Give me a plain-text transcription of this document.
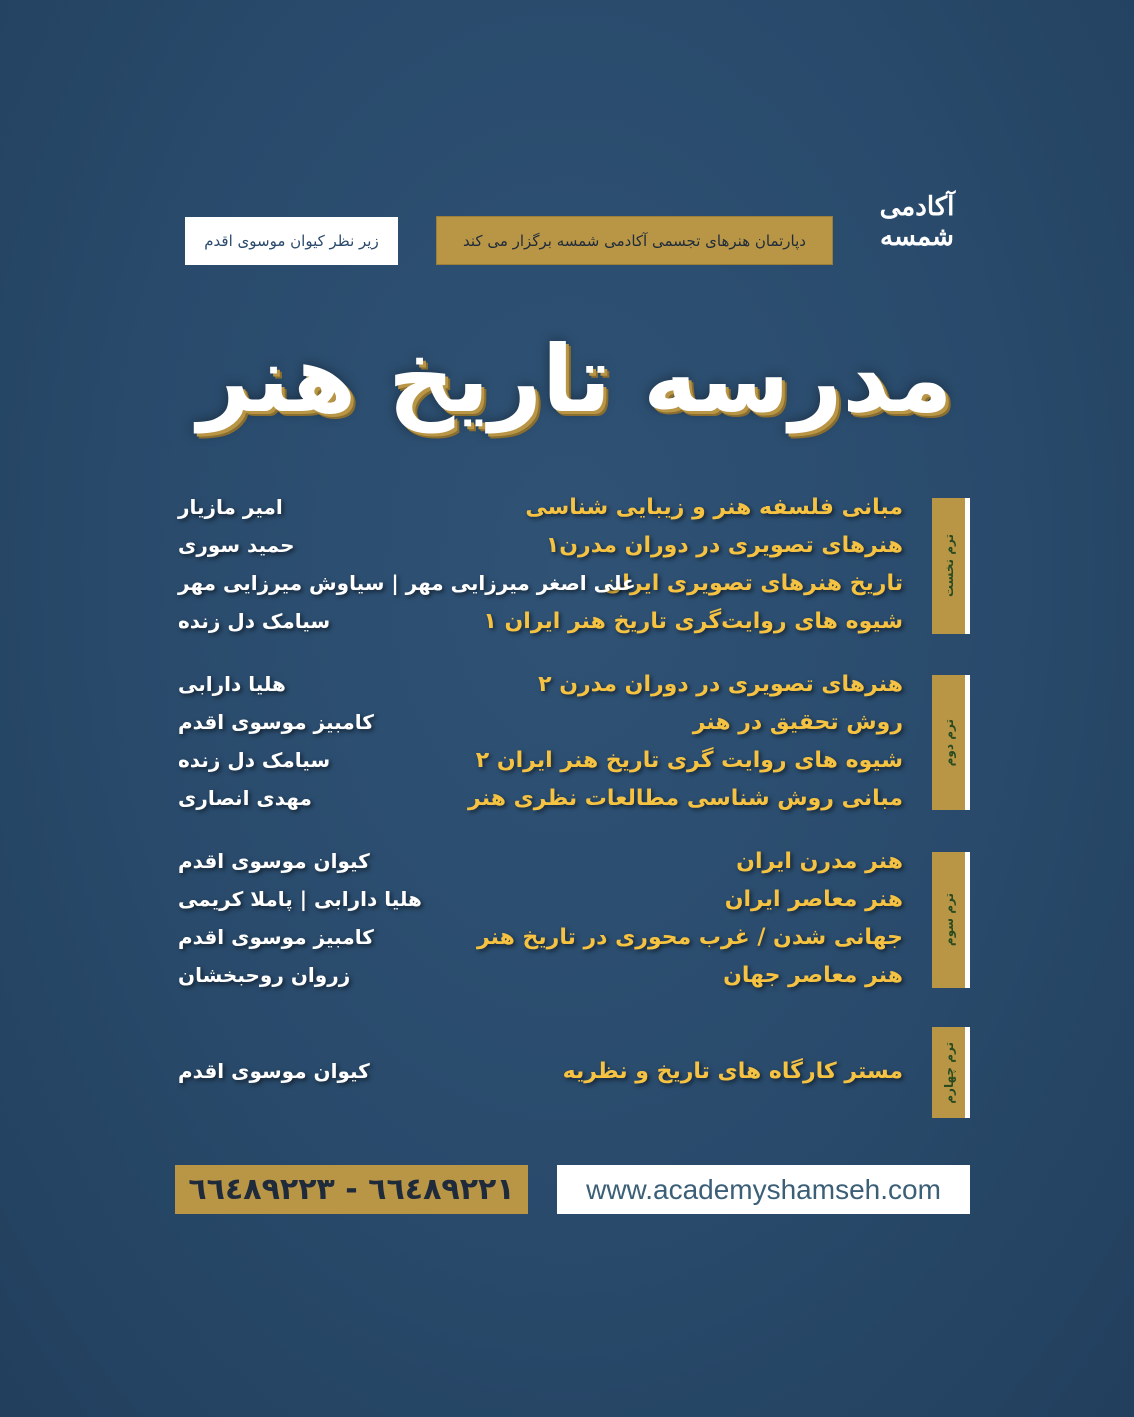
زیر نظر کیوان موسوی اقدم	دپارتمان هنرهای تجسمی آکادمی شمسه برگزار می کند
آکادمی شمسه
مدرسه تاریخ هنر
ترم نخست
مبانی فلسفه هنر و زیبایی شناسی
امیر مازیار
هنرهای تصویری در دوران مدرن۱
حمید سوری
تاریخ هنرهای تصویری ایران
علی اصغر میرزایی مهر | سیاوش میرزایی مهر
شیوه های روایت‌گری تاریخ هنر ایران ۱
سیامک دل زنده
ترم دوم
هنرهای تصویری در دوران مدرن ۲
هلیا دارابی
روش تحقیق در هنر
کامبیز موسوی اقدم
شیوه های روایت گری تاریخ هنر ایران ۲
سیامک دل زنده
مبانی روش شناسی مطالعات نظری هنر
مهدی انصاری
ترم سوم
هنر مدرن ایران
کیوان موسوی اقدم
هنر معاصر ایران
هلیا دارابی | پاملا کریمی
جهانی شدن / غرب محوری در تاریخ هنر
کامبیز موسوی اقدم
هنر معاصر جهان
زروان روحبخشان
ترم چهارم
مستر کارگاه های تاریخ و نظریه
کیوان موسوی اقدم
٦٦٤٨٩٢٢١ - ٦٦٤٨٩٢٢٣	www.academyshamseh.com
